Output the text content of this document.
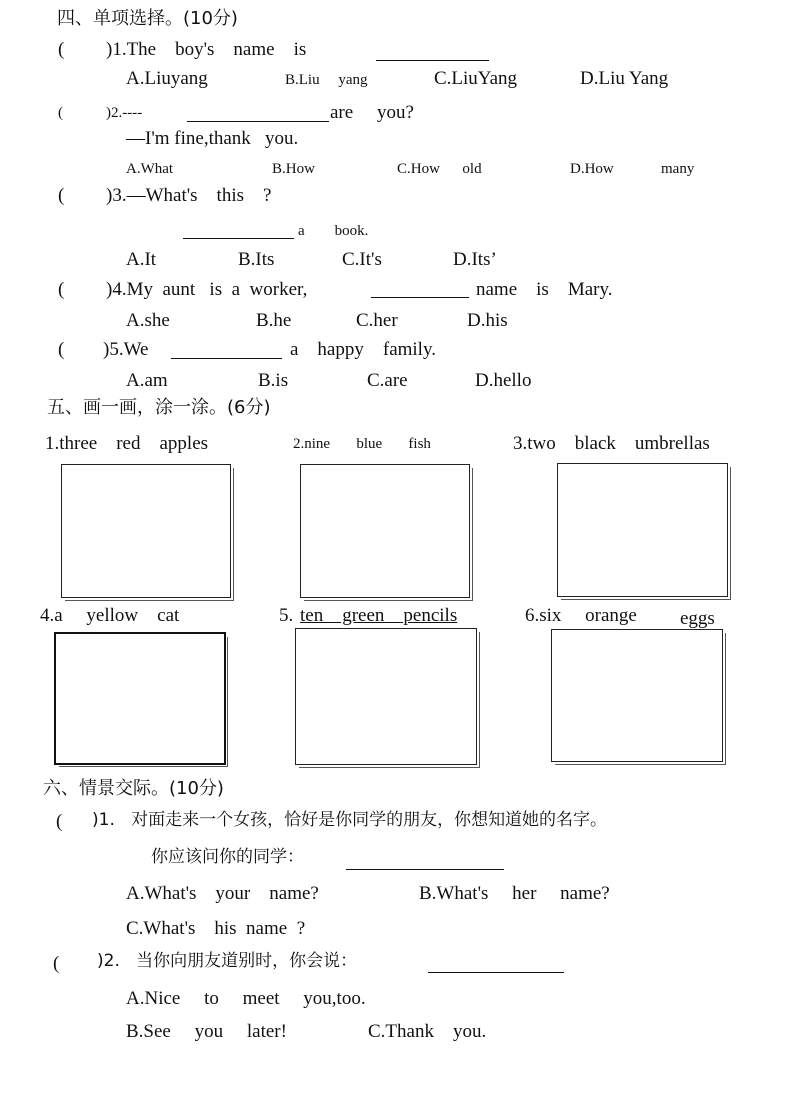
四、单项选择。(10分)
( )1.The    boy's    name    is
A.Liuyang	B.Liu     yang	C.LiuYang	D.Liu Yang
(	)2.----	are     you?
—I'm fine,thank   you.
A.What	B.How	C.How      old	D.How	many
( )3.—What's    this    ?
a        book.
A.It	B.Its	C.It's	D.Its’
( )4.My  aunt   is  a  worker,	name    is    Mary.
A.she	B.he	C.her	D.his
( )5.We	a    happy    family.
A.am	B.is	C.are	D.hello
五、画一画，涂一涂。(6分)
1.three    red    apples	2.nine       blue       fish	3.two    black    umbrellas
4.a     yellow    cat	5. ten    green    pencils	6.six     orange eggs
六、情景交际。(10分)
( )1.   对面走来一个女孩，恰好是你同学的朋友，你想知道她的名字。
你应该问你的同学：
A.What's    your    name?	B.What's     her     name?
C.What's    his  name  ?
( )2.   当你向朋友道别时，你会说：
A.Nice     to     meet     you,too.
B.See     you     later!	C.Thank    you.
